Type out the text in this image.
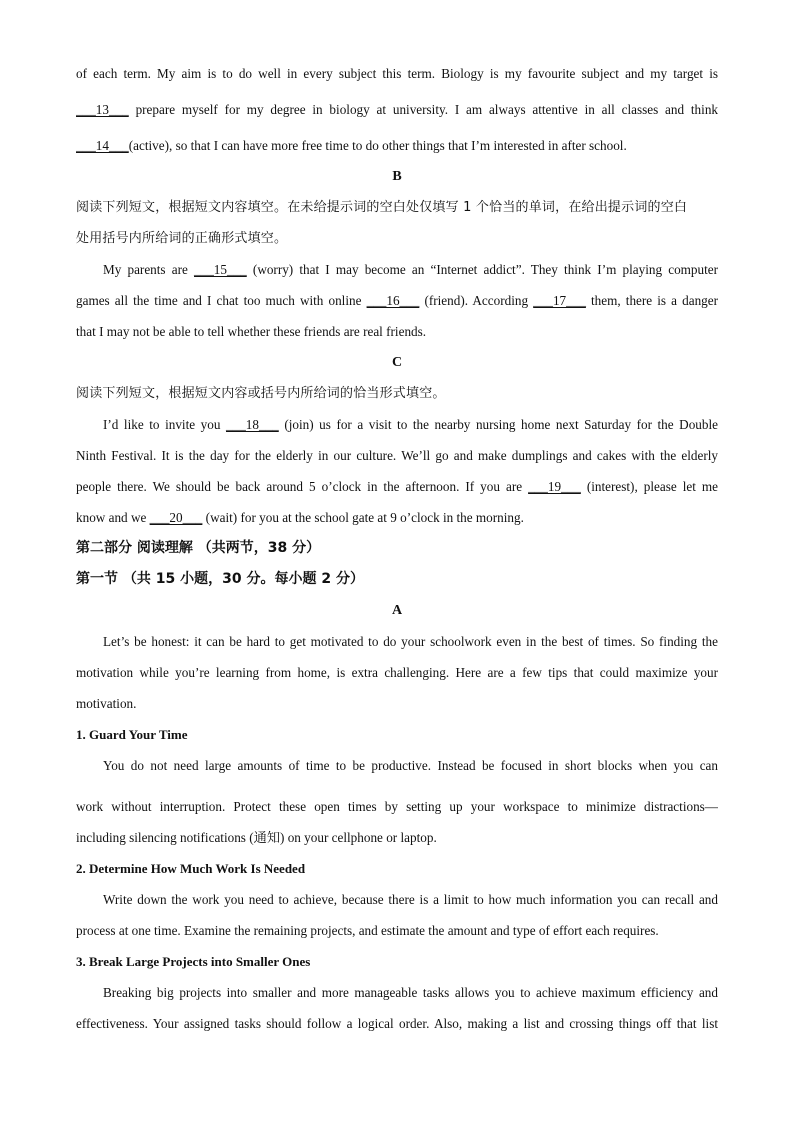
of each term. My aim is to do well in every subject this term. Biology is my favourite subject and my target is
___13___ prepare myself for my degree in biology at university. I am always attentive in all classes and think
___14___(active), so that I can have more free time to do other things that I’m interested in after school.
B
阅读下列短文，根据短文内容填空。在未给提示词的空白处仅填写 1 个恰当的单词，在给出提示词的空白
处用括号内所给词的正确形式填空。
My parents are ___15___ (worry) that I may become an “Internet addict”. They think I’m playing computer
games all the time and I chat too much with online ___16___ (friend). According ___17___ them, there is a danger
that I may not be able to tell whether these friends are real friends.
C
阅读下列短文，根据短文内容或括号内所给词的恰当形式填空。
I’d like to invite you ___18___ (join) us for a visit to the nearby nursing home next Saturday for the Double
Ninth Festival. It is the day for the elderly in our culture. We’ll go and make dumplings and cakes with the elderly
people there. We should be back around 5 o’clock in the afternoon. If you are ___19___ (interest), please let me
know and we ___20___ (wait) for you at the school gate at 9 o’clock in the morning.
第二部分 阅读理解 （共两节，38 分）
第一节 （共 15 小题，30 分。每小题 2 分）
A
Let’s be honest: it can be hard to get motivated to do your schoolwork even in the best of times. So finding the
motivation while you’re learning from home, is extra challenging. Here are a few tips that could maximize your
motivation.
1. Guard Your Time
You do not need large amounts of time to be productive. Instead be focused in short blocks when you can
work without interruption. Protect these open times by setting up your workspace to minimize distractions—
including silencing notifications (通知) on your cellphone or laptop.
2. Determine How Much Work Is Needed
Write down the work you need to achieve, because there is a limit to how much information you can recall and
process at one time. Examine the remaining projects, and estimate the amount and type of effort each requires.
3. Break Large Projects into Smaller Ones
Breaking big projects into smaller and more manageable tasks allows you to achieve maximum efficiency and
effectiveness. Your assigned tasks should follow a logical order. Also, making a list and crossing things off that list
